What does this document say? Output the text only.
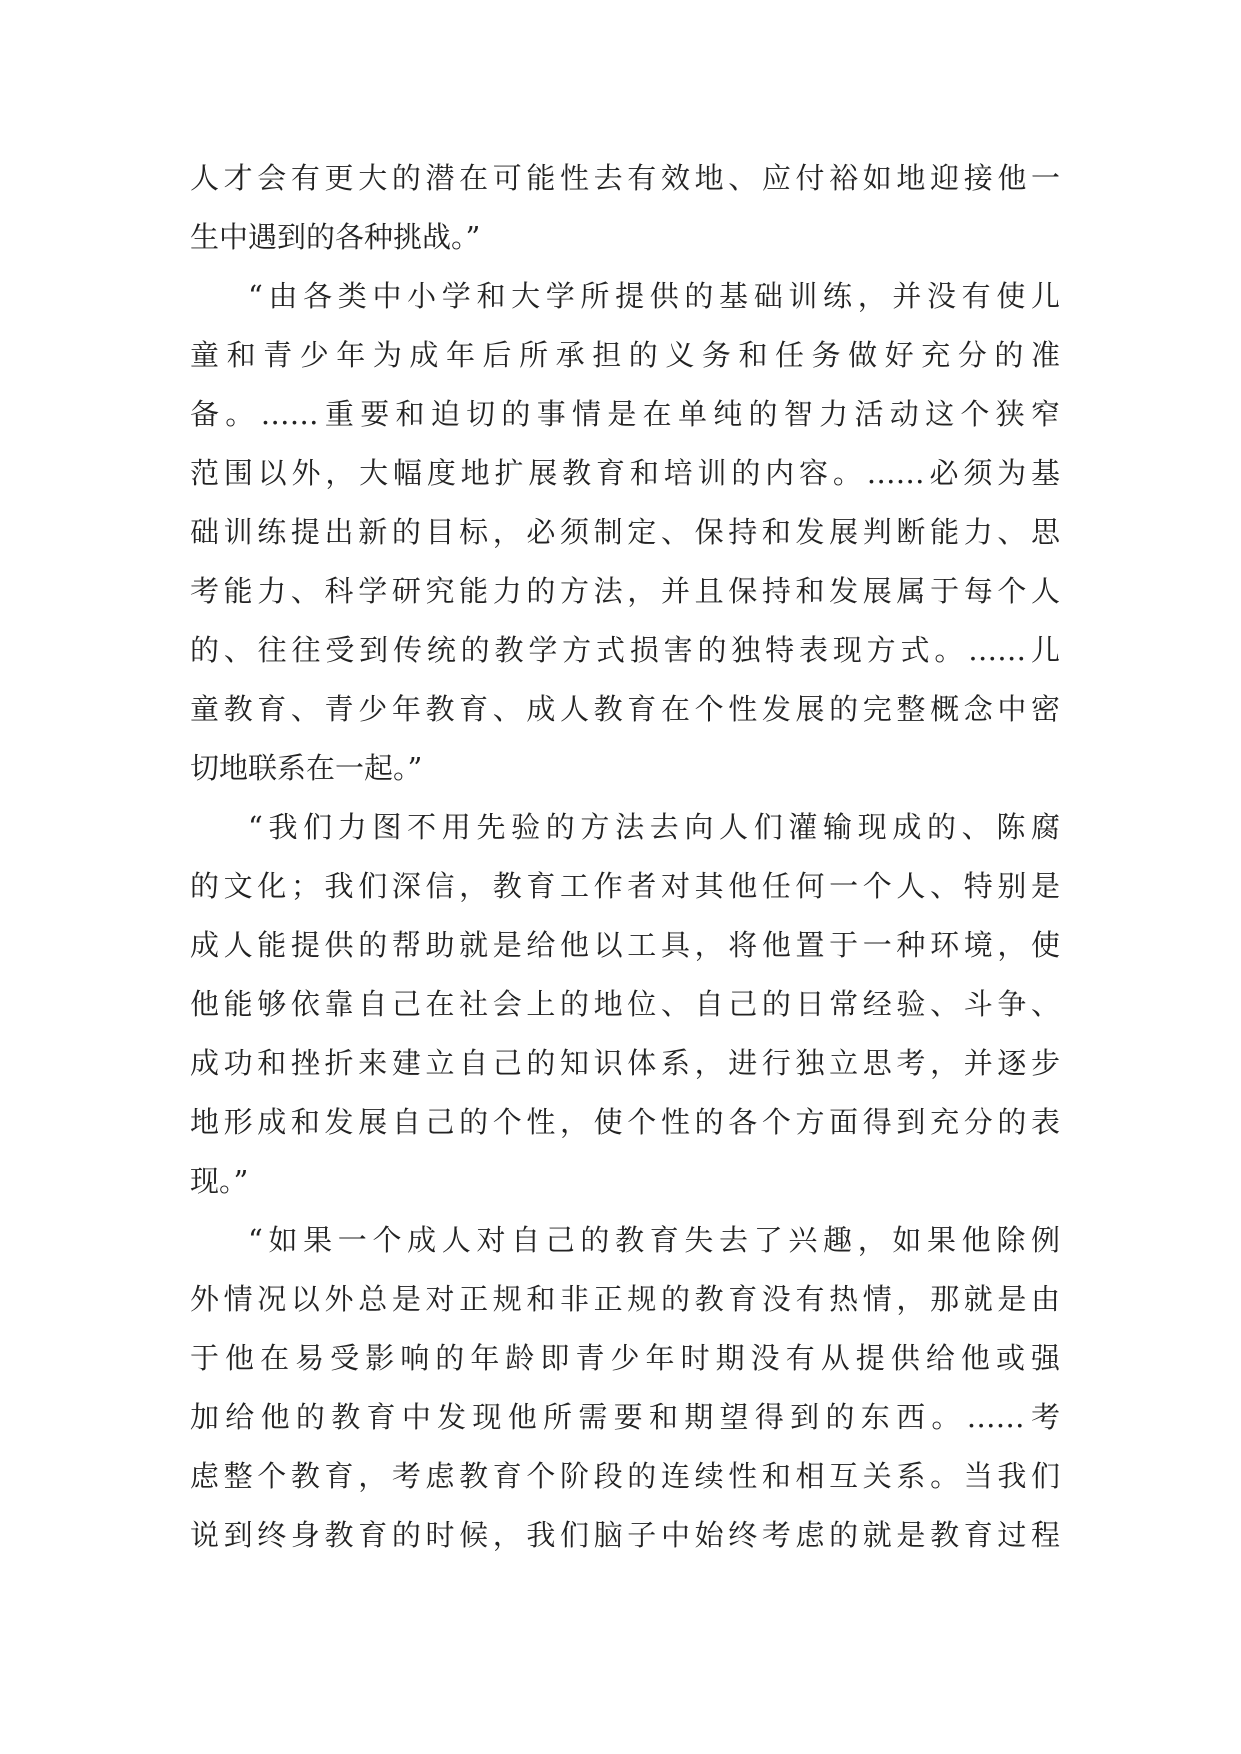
人才会有更大的潜在可能性去有效地、应付裕如地迎接他一
生中遇到的各种挑战。”
“由各类中小学和大学所提供的基础训练，并没有使儿
童和青少年为成年后所承担的义务和任务做好充分的准
备。……重要和迫切的事情是在单纯的智力活动这个狭窄
范围以外，大幅度地扩展教育和培训的内容。……必须为基
础训练提出新的目标，必须制定、保持和发展判断能力、思
考能力、科学研究能力的方法，并且保持和发展属于每个人
的、往往受到传统的教学方式损害的独特表现方式。……儿
童教育、青少年教育、成人教育在个性发展的完整概念中密
切地联系在一起。”
“我们力图不用先验的方法去向人们灌输现成的、陈腐
的文化；我们深信，教育工作者对其他任何一个人、特别是
成人能提供的帮助就是给他以工具，将他置于一种环境，使
他能够依靠自己在社会上的地位、自己的日常经验、斗争、
成功和挫折来建立自己的知识体系，进行独立思考，并逐步
地形成和发展自己的个性，使个性的各个方面得到充分的表
现。”
“如果一个成人对自己的教育失去了兴趣，如果他除例
外情况以外总是对正规和非正规的教育没有热情，那就是由
于他在易受影响的年龄即青少年时期没有从提供给他或强
加给他的教育中发现他所需要和期望得到的东西。……考
虑整个教育，考虑教育个阶段的连续性和相互关系。当我们
说到终身教育的时候，我们脑子中始终考虑的就是教育过程
